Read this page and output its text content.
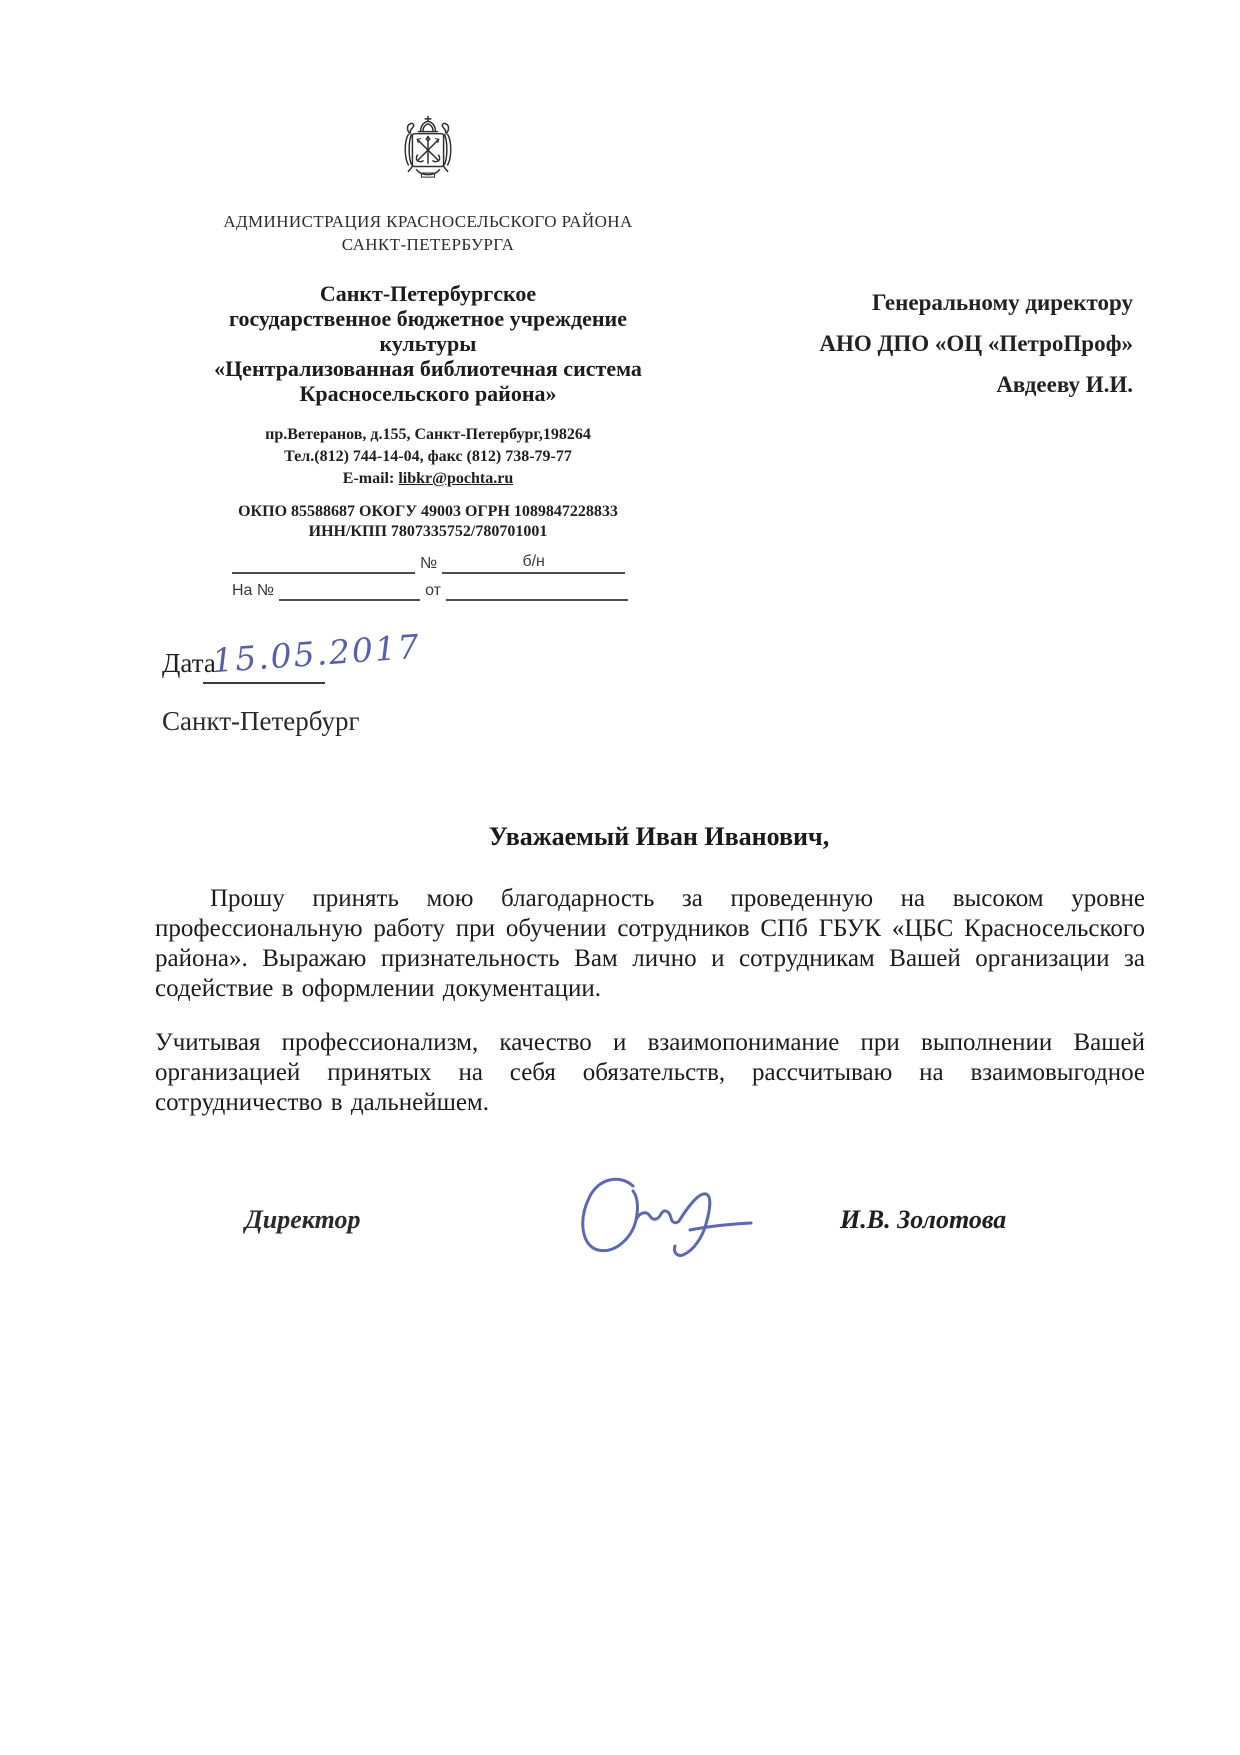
АДМИНИСТРАЦИЯ КРАСНОСЕЛЬСКОГО РАЙОНА
САНКТ-ПЕТЕРБУРГА
Санкт-Петербургское
государственное бюджетное учреждение
культуры
«Централизованная библиотечная система
Красносельского района»
пр.Ветеранов, д.155, Санкт-Петербург,198264
Тел.(812) 744-14-04, факс (812) 738-79-77
E-mail: libkr@pochta.ru
ОКПО 85588687 ОКОГУ 49003 ОГРН 1089847228833
ИНН/КПП 7807335752/780701001
№	б/н
На №	от
Генеральному директору
АНО ДПО «ОЦ «ПетроПроф»
Авдееву И.И.
Дата
15.05.2017
Санкт-Петербург
Уважаемый Иван Иванович,
Прошу принять мою благодарность за проведенную на высоком уровне профессиональную работу при обучении сотрудников СПб ГБУК «ЦБС Красносельского района». Выражаю признательность Вам лично и сотрудникам Вашей организации за содействие в оформлении документации.
Учитывая профессионализм, качество и взаимопонимание при выполнении Вашей организацией принятых на себя обязательств, рассчитываю на взаимовыгодное сотрудничество в дальнейшем.
Директор	И.В. Золотова
